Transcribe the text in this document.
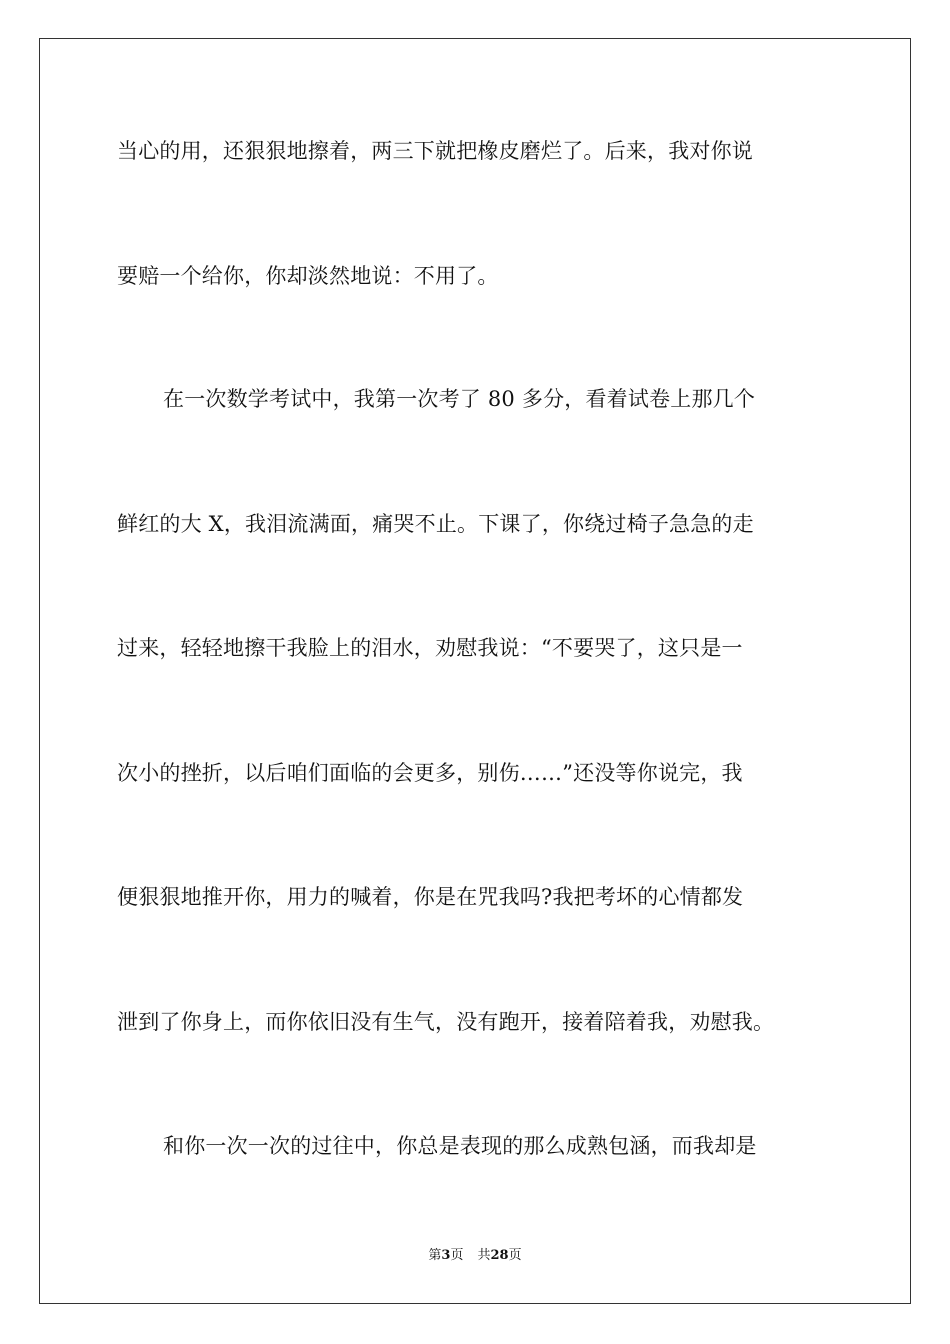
当心的用，还狠狠地擦着，两三下就把橡皮磨烂了。后来，我对你说
要赔一个给你，你却淡然地说：不用了。
在一次数学考试中，我第一次考了 80 多分，看着试卷上那几个
鲜红的大 X，我泪流满面，痛哭不止。下课了，你绕过椅子急急的走
过来，轻轻地擦干我脸上的泪水，劝慰我说：“不要哭了，这只是一
次小的挫折，以后咱们面临的会更多，别伤……”还没等你说完，我
便狠狠地推开你，用力的喊着，你是在咒我吗?我把考坏的心情都发
泄到了你身上，而你依旧没有生气，没有跑开，接着陪着我，劝慰我。
和你一次一次的过往中，你总是表现的那么成熟包涵，而我却是
第3页 共28页
